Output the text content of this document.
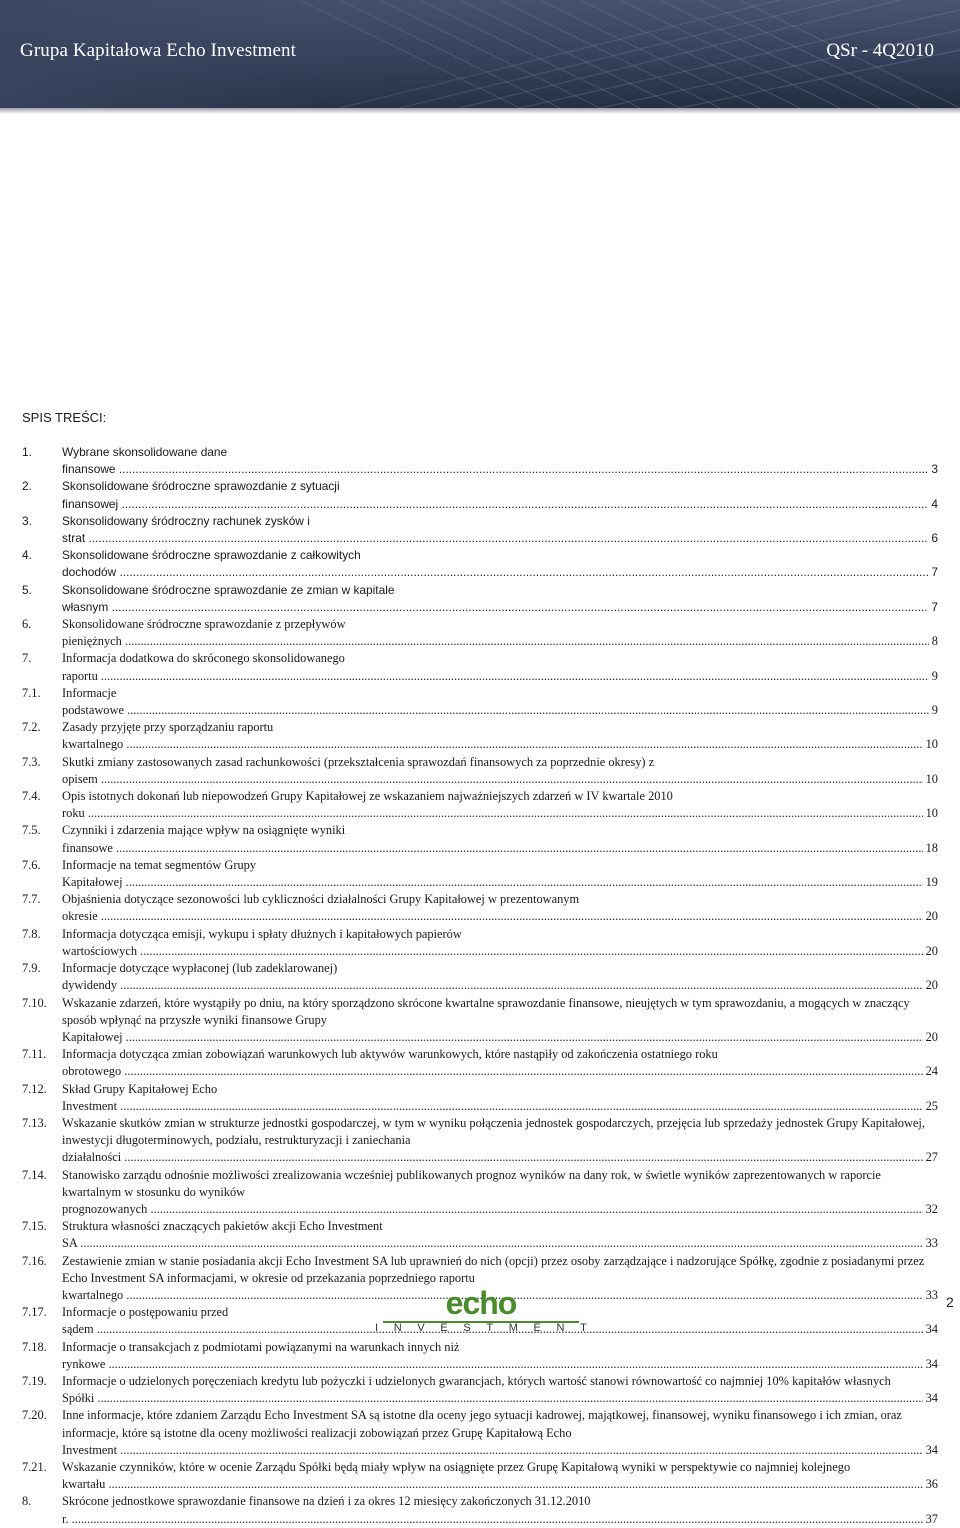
Grupa Kapitałowa Echo Investment	QSr - 4Q2010
SPIS TREŚCI:
1.	Wybrane skonsolidowane dane finansowe .....	3
2.	Skonsolidowane śródroczne sprawozdanie z sytuacji finansowej .....	4
3.	Skonsolidowany śródroczny rachunek zysków i strat .....	6
4.	Skonsolidowane śródroczne sprawozdanie z całkowitych dochodów .....	7
5.	Skonsolidowane śródroczne sprawozdanie ze zmian w kapitale własnym .....	7
6.	Skonsolidowane śródroczne sprawozdanie z przepływów pieniężnych .....	8
7.	Informacja dodatkowa do skróconego skonsolidowanego raportu .....	9
7.1.	Informacje podstawowe .....	9
7.2.	Zasady przyjęte przy sporządzaniu raportu kwartalnego .....	10
7.3.	Skutki zmiany zastosowanych zasad rachunkowości (przekształcenia sprawozdań finansowych za poprzednie okresy) z opisem .....	10
7.4.	Opis istotnych dokonań lub niepowodzeń Grupy Kapitałowej ze wskazaniem najważniejszych zdarzeń w IV kwartale 2010 roku .....	10
7.5.	Czynniki i zdarzenia mające wpływ na osiągnięte wyniki finansowe .....	18
7.6.	Informacje na temat segmentów Grupy Kapitałowej .....	19
7.7.	Objaśnienia dotyczące sezonowości lub cykliczności działalności Grupy Kapitałowej w prezentowanym okresie .....	20
7.8.	Informacja dotycząca emisji, wykupu i spłaty dłużnych i kapitałowych papierów wartościowych .....	20
7.9.	Informacje dotyczące wypłaconej (lub zadeklarowanej) dywidendy .....	20
7.10.	Wskazanie zdarzeń, które wystąpiły po dniu, na który sporządzono skrócone kwartalne sprawozdanie finansowe, nieujętych w tym sprawozdaniu, a mogących w znaczący sposób wpłynąć na przyszłe wyniki finansowe Grupy Kapitałowej .....	20
7.11.	Informacja dotycząca zmian zobowiązań warunkowych lub aktywów warunkowych, które nastąpiły od zakończenia ostatniego roku obrotowego .....	24
7.12.	Skład Grupy Kapitałowej Echo Investment .....	25
7.13.	Wskazanie skutków zmian w strukturze jednostki gospodarczej, w tym w wyniku połączenia jednostek gospodarczych, przejęcia lub sprzedaży jednostek Grupy Kapitałowej, inwestycji długoterminowych, podziału, restrukturyzacji i zaniechania działalności .....	27
7.14.	Stanowisko zarządu odnośnie możliwości zrealizowania wcześniej publikowanych prognoz wyników na dany rok, w świetle wyników zaprezentowanych w raporcie kwartalnym w stosunku do wyników prognozowanych .....	32
7.15.	Struktura własności znaczących pakietów akcji Echo Investment SA .....	33
7.16.	Zestawienie zmian w stanie posiadania akcji Echo Investment SA lub uprawnień do nich (opcji) przez osoby zarządzające i nadzorujące Spółkę, zgodnie z posiadanymi przez Echo Investment SA informacjami, w okresie od przekazania poprzedniego raportu kwartalnego .....	33
7.17.	Informacje o postępowaniu przed sądem .....	34
7.18.	Informacje o transakcjach z podmiotami powiązanymi na warunkach innych niż rynkowe .....	34
7.19.	Informacje o udzielonych poręczeniach kredytu lub pożyczki i udzielonych gwarancjach, których wartość stanowi równowartość co najmniej 10% kapitałów własnych Spółki .....	34
7.20.	Inne informacje, które zdaniem Zarządu Echo Investment SA są istotne dla oceny jego sytuacji kadrowej, majątkowej, finansowej, wyniku finansowego i ich zmian, oraz informacje, które są istotne dla oceny możliwości realizacji zobowiązań przez Grupę Kapitałową Echo Investment .....	34
7.21.	Wskazanie czynników, które w ocenie Zarządu Spółki będą miały wpływ na osiągnięte przez Grupę Kapitałową wyniki w perspektywie co najmniej kolejnego kwartału .....	36
8.	Skrócone jednostkowe sprawozdanie finansowe na dzień i za okres 12 miesięcy zakończonych 31.12.2010 r. .....	37
echo
I N V E S T M E N T
2
